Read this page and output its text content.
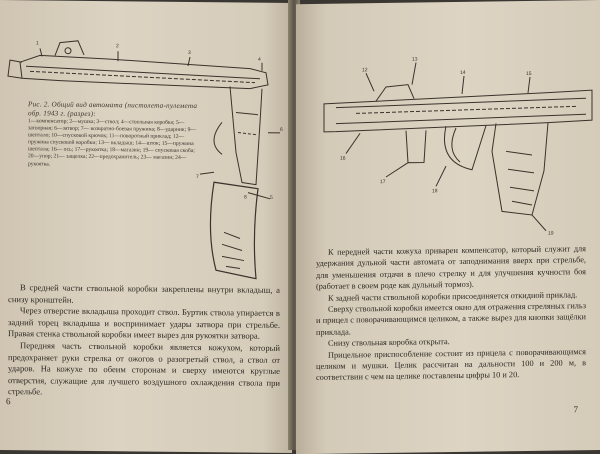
1	2
3
4
5
6
7
8
Рис. 2. Общий вид автомата (пистолета-пулемета обр. 1943 г. (разрез):
1—компенсатор; 2—мушка; 3—ствол; 4—ствольная коробка; 5—затворная; 6—затвор; 7— возвратно-боевая пружина; 8—ударник; 9— шептало; 10—спусковой крючок; 11—поворотный приклад; 12— пружина спусковой коробки; 13— вкладыш; 14—шток; 15—пружина шептала; 16— ось; 17—рукоятка; 18—магазин; 19— спусковая скоба; 20—упор; 21— защелка; 22—предохранитель; 23— магазин; 24—рукоятка.

В средней части ствольной коробки закреплены внутри вкладыш, а снизу кронштейн.

Через отверстие вкладыша проходит ствол. Буртик ствола упирается в задний торец вкладыша и воспринимает удары затвора при стрельбе. Правая стенка ствольной коробки имеет вырез для рукоятки затвора.

Передняя часть ствольной коробки является кожухом, который предохраняет руки стрелка от ожогов о разогретый ствол, а ствол от ударов. На кожухе по обеим сторонам и сверху имеются круглые отверстия, служащие для лучшего воздушного охлаждения ствола при стрельбе.

6
12
13
14	15
16
17
18
19

К передней части кожуха приварен компенсатор, который служит для удержания дульной части автомата от заподнимания вверх при стрельбе, для уменьшения отдачи в плечо стрелку и для улучшения кучности боя (работает в своем роде как дульный тормоз).

К задней части ствольной коробки присоединяется откидной приклад.

Сверху ствольной коробки имеется окно для отражения стреляных гильз и прицел с поворачивающимся целиком, а также вырез для кнопки защёлки приклада.

Снизу ствольная коробка открыта.

Прицельное приспособление состоит из прицела с поворачивающимся целиком и мушки. Целик рассчитан на дальности 100 и 200 м, в соответствии с чем на целике поставлены цифры 10 и 20.

7
